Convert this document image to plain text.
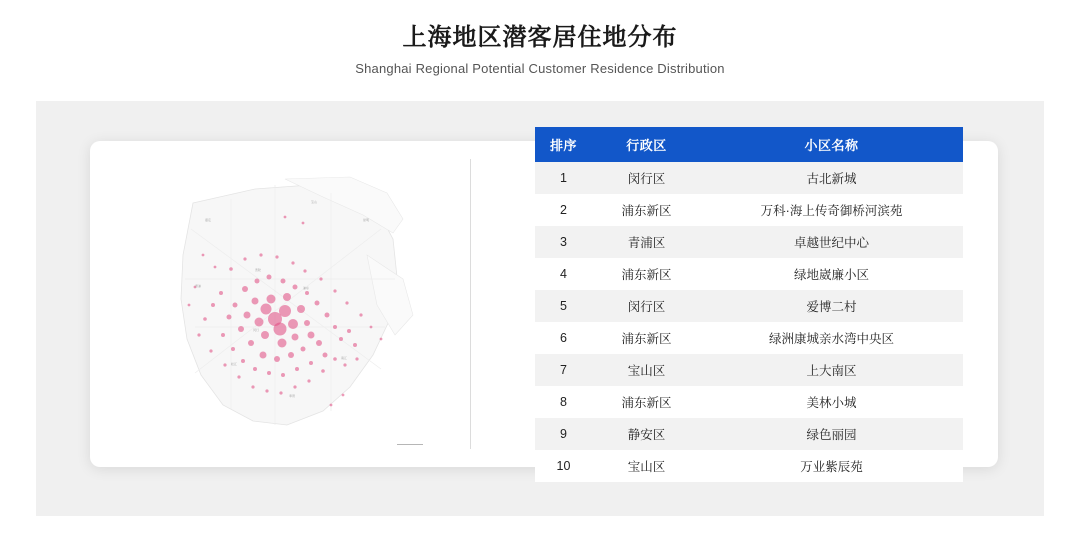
上海地区潜客居住地分布
Shanghai Regional Potential Customer Residence Distribution
嘉定
宝山
崇明
青浦
普陀
浦东
松江
奉贤
南汇
闵行
排序	行政区	小区名称
1	闵行区	古北新城
2	浦东新区	万科·海上传奇御桥河滨苑
3	青浦区	卓越世纪中心
4	浦东新区	绿地崴廉小区
5	闵行区	爱博二村
6	浦东新区	绿洲康城亲水湾中央区
7	宝山区	上大南区
8	浦东新区	美林小城
9	静安区	绿色丽园
10	宝山区	万业紫辰苑
